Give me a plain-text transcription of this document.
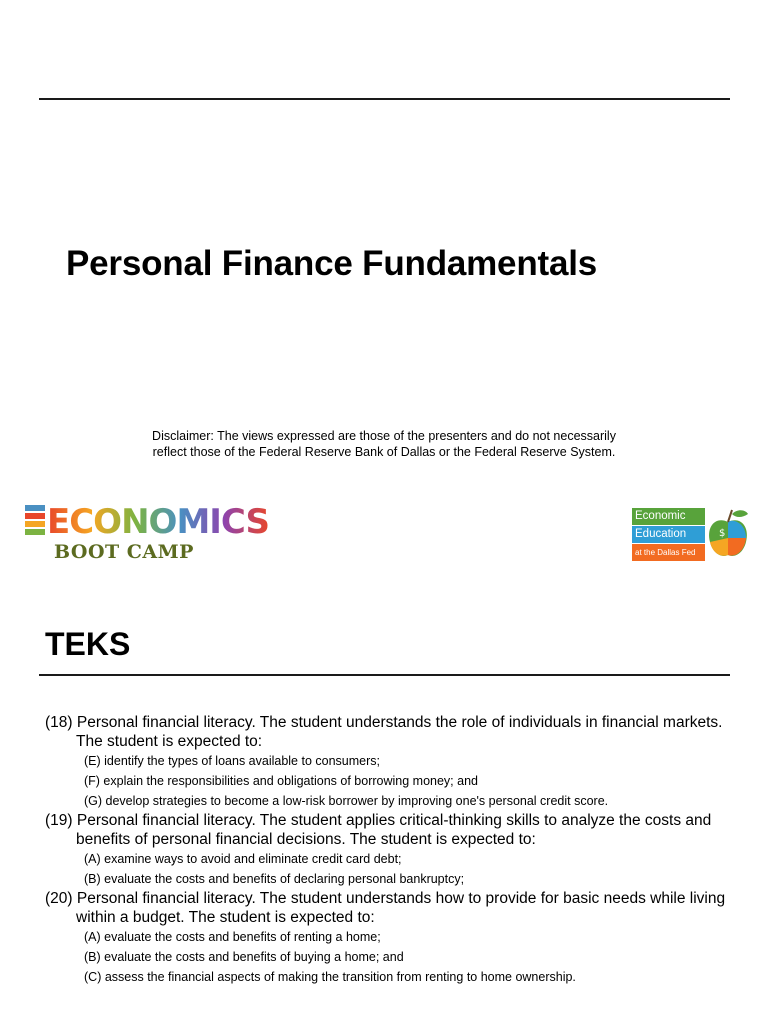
Personal Finance Fundamentals
Disclaimer: The views expressed are those of the presenters and do not necessarily
reflect those of the Federal Reserve Bank of Dallas or the Federal Reserve System.
ECONOMICS
BOOT CAMP
Economic
Education
at the Dallas Fed
$
TEKS
(18) Personal financial literacy. The student understands the role of individuals in financial markets. The student is expected to:
(E) identify the types of loans available to consumers;
(F) explain the responsibilities and obligations of borrowing money; and
(G) develop strategies to become a low-risk borrower by improving one's personal credit score.
(19) Personal financial literacy. The student applies critical-thinking skills to analyze the costs and benefits of personal financial decisions. The student is expected to:
(A) examine ways to avoid and eliminate credit card debt;
(B) evaluate the costs and benefits of declaring personal bankruptcy;
(20) Personal financial literacy. The student understands how to provide for basic needs while living within a budget. The student is expected to:
(A) evaluate the costs and benefits of renting a home;
(B) evaluate the costs and benefits of buying a home; and
(C) assess the financial aspects of making the transition from renting to home ownership.
